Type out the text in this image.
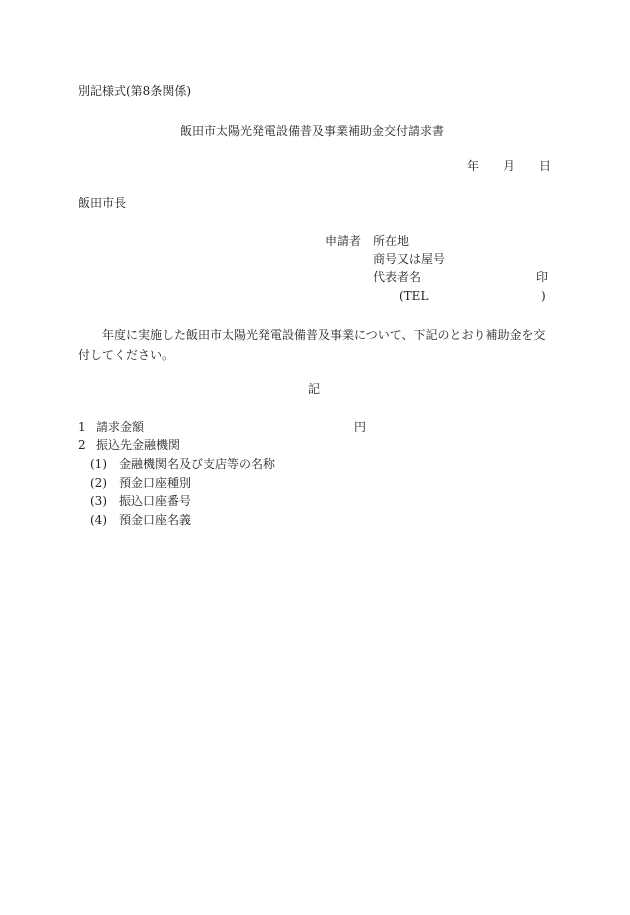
別記様式(第8条関係)
飯田市太陽光発電設備普及事業補助金交付請求書
年 月 日
飯田市長
申請者 所在地
商号又は屋号
代表者名	印
(TEL	)
年度に実施した飯田市太陽光発電設備普及事業について、下記のとおり補助金を交付してください。
記
1 請求金額	円
2 振込先金融機関
(1) 金融機関名及び支店等の名称
(2) 預金口座種別
(3) 振込口座番号
(4) 預金口座名義
